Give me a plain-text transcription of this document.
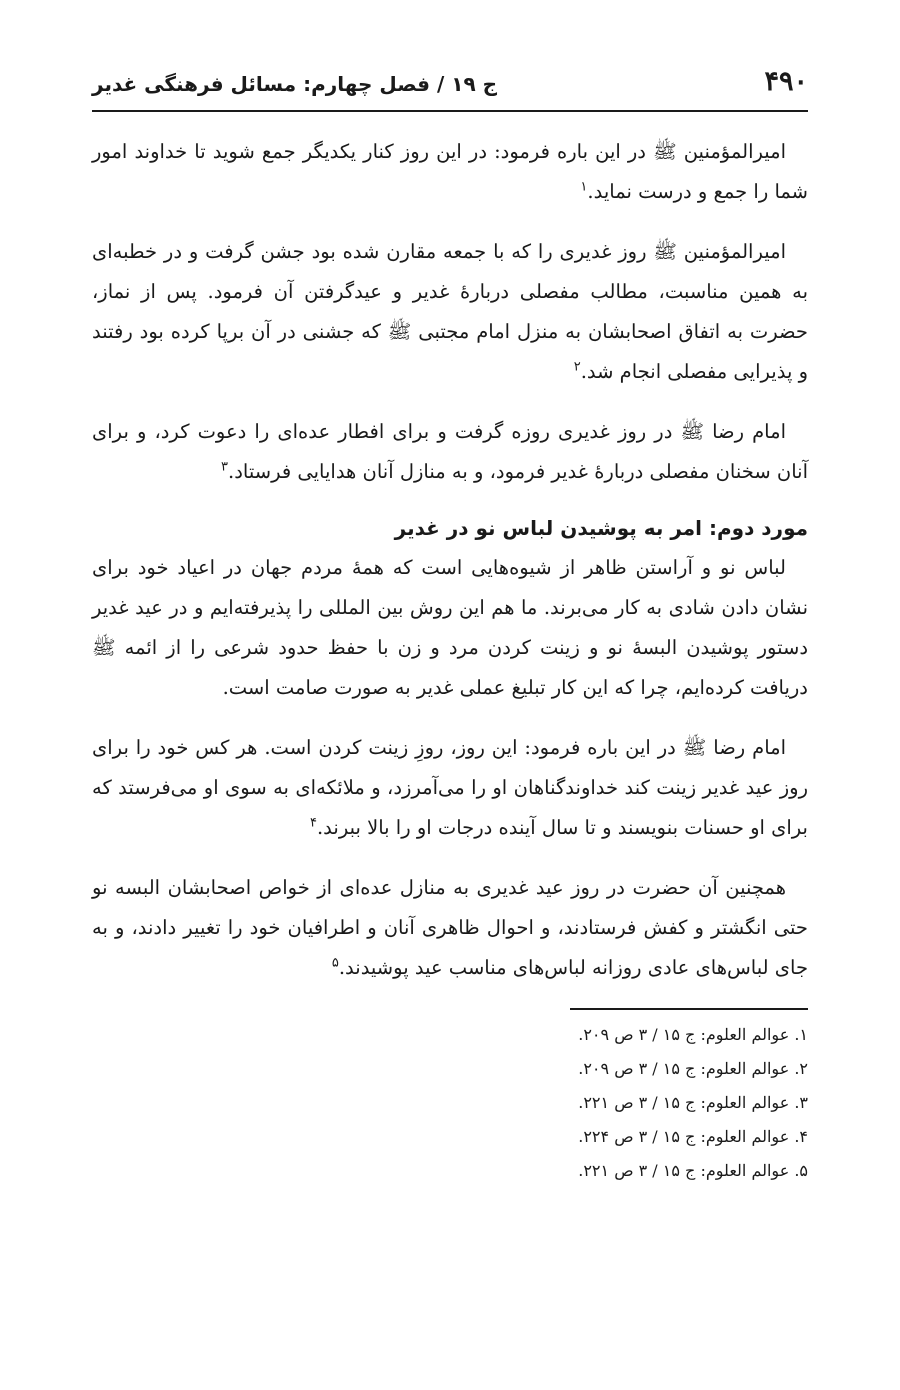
۴۹۰
ج ۱۹ / فصل چهارم: مسائل فرهنگی غدیر

امیرالمؤمنین ﷺ در این باره فرمود: در این روز کنار یکدیگر جمع شوید تا خداوند امور شما را جمع و درست نماید.$^۱$

امیرالمؤمنین ﷺ روز غدیری را که با جمعه مقارن شده بود جشن گرفت و در خطبه‌ای به همین مناسبت، مطالب مفصلی دربارهٔ غدیر و عیدگرفتن آن فرمود. پس از نماز، حضرت به اتفاق اصحابشان به منزل امام مجتبی ﷺ که جشنی در آن برپا کرده بود رفتند و پذیرایی مفصلی انجام شد.$^۲$

امام رضا ﷺ در روز غدیری روزه گرفت و برای افطار عده‌ای را دعوت کرد، و برای آنان سخنان مفصلی دربارهٔ غدیر فرمود، و به منازل آنان هدایایی فرستاد.$^۳$

مورد دوم: امر به پوشیدن لباس نو در غدیر

لباس نو و آراستن ظاهر از شیوه‌هایی است که همهٔ مردم جهان در اعیاد خود برای نشان دادن شادی به کار می‌برند. ما هم این روش بین المللی را پذیرفته‌ایم و در عید غدیر دستور پوشیدن البسهٔ نو و زینت کردن مرد و زن با حفظ حدود شرعی را از ائمه ﷺ دریافت کرده‌ایم، چرا که این کار تبلیغ عملی غدیر به صورت صامت است.

امام رضا ﷺ در این باره فرمود: این روز، روزِ زینت کردن است. هر کس خود را برای روز عید غدیر زینت کند خداوندگناهان او را می‌آمرزد، و ملائکه‌ای به سوی او می‌فرستد که برای او حسنات بنویسند و تا سال آینده درجات او را بالا ببرند.$^۴$

همچنین آن حضرت در روز عید غدیری به منازل عده‌ای از خواص اصحابشان البسه نو حتی انگشتر و کفش فرستادند، و احوال ظاهری آنان و اطرافیان خود را تغییر دادند، و به جای لباس‌های عادی روزانه لباس‌های مناسب عید پوشیدند.$^۵$

۱. عوالم العلوم: ج ۱۵ / ۳ ص ۲۰۹.
۲. عوالم العلوم: ج ۱۵ / ۳ ص ۲۰۹.
۳. عوالم العلوم: ج ۱۵ / ۳ ص ۲۲۱.
۴. عوالم العلوم: ج ۱۵ / ۳ ص ۲۲۴.
۵. عوالم العلوم: ج ۱۵ / ۳ ص ۲۲۱.
